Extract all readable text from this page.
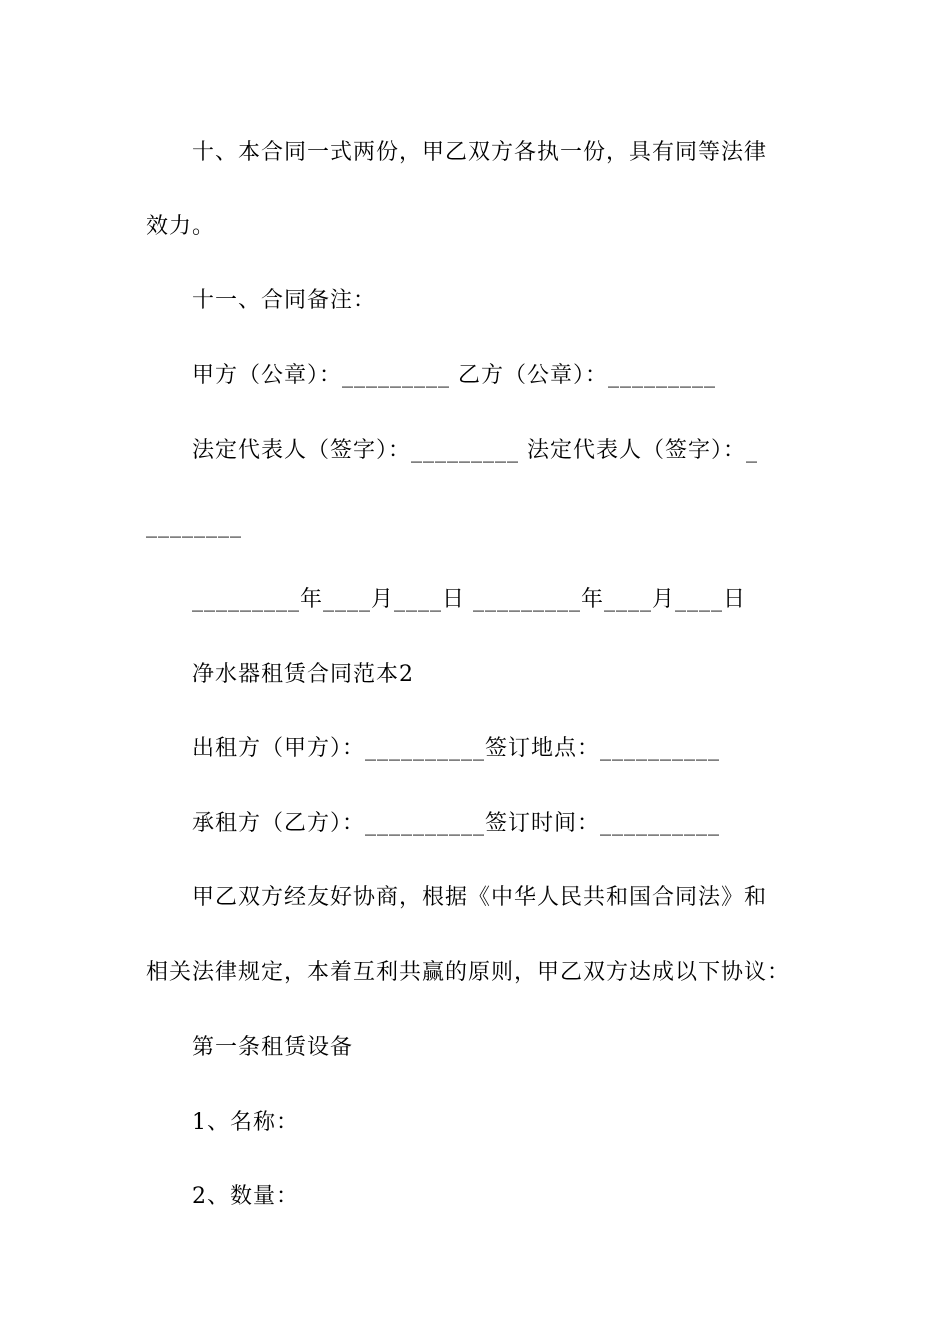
十、本合同一式两份，甲乙双方各执一份，具有同等法律
效力。
十一、合同备注：
甲方（公章）：_________ 乙方（公章）：_________
法定代表人（签字）：_________ 法定代表人（签字）：_
________
_________年____月____日 _________年____月____日
净水器租赁合同范本2
出租方（甲方）：__________签订地点：__________
承租方（乙方）：__________签订时间：__________
甲乙双方经友好协商，根据《中华人民共和国合同法》和
相关法律规定，本着互利共赢的原则，甲乙双方达成以下协议：
第一条租赁设备
1、名称：
2、数量：
